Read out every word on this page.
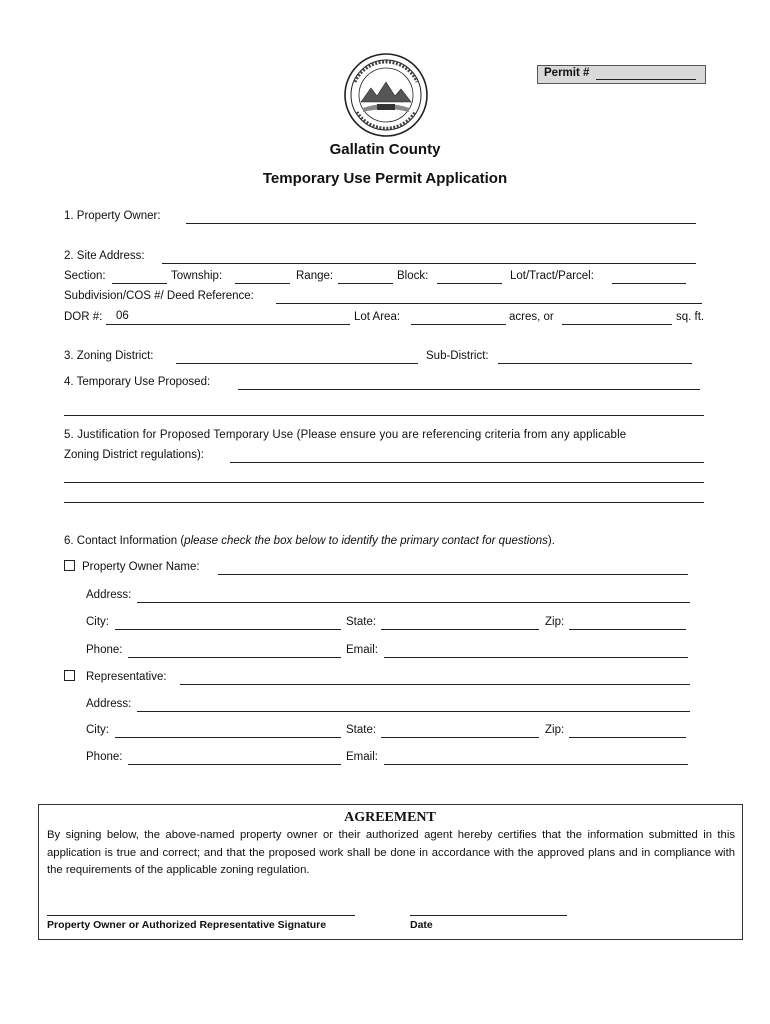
Permit #
Gallatin County
Temporary Use Permit Application
1. Property Owner:
2. Site Address:
Section:	Township:	Range:	Block:	Lot/Tract/Parcel:
Subdivision/COS #/ Deed Reference:
DOR #: 06	Lot Area:	acres, or	sq. ft.
3. Zoning District:	Sub-District:
4. Temporary Use Proposed:
5. Justification for Proposed Temporary Use (Please ensure you are referencing criteria from any applicable
Zoning District regulations):
6. Contact Information (please check the box below to identify the primary contact for questions).
Property Owner Name:
Address:
City:	State:	Zip:
Phone:	Email:
Representative:
Address:
City:	State:	Zip:
Phone:	Email:
AGREEMENT
By signing below, the above-named property owner or their authorized agent hereby certifies that the information submitted in this application is true and correct; and that the proposed work shall be done in accordance with the approved plans and in compliance with the requirements of the applicable zoning regulation.
Property Owner or Authorized Representative Signature	Date
